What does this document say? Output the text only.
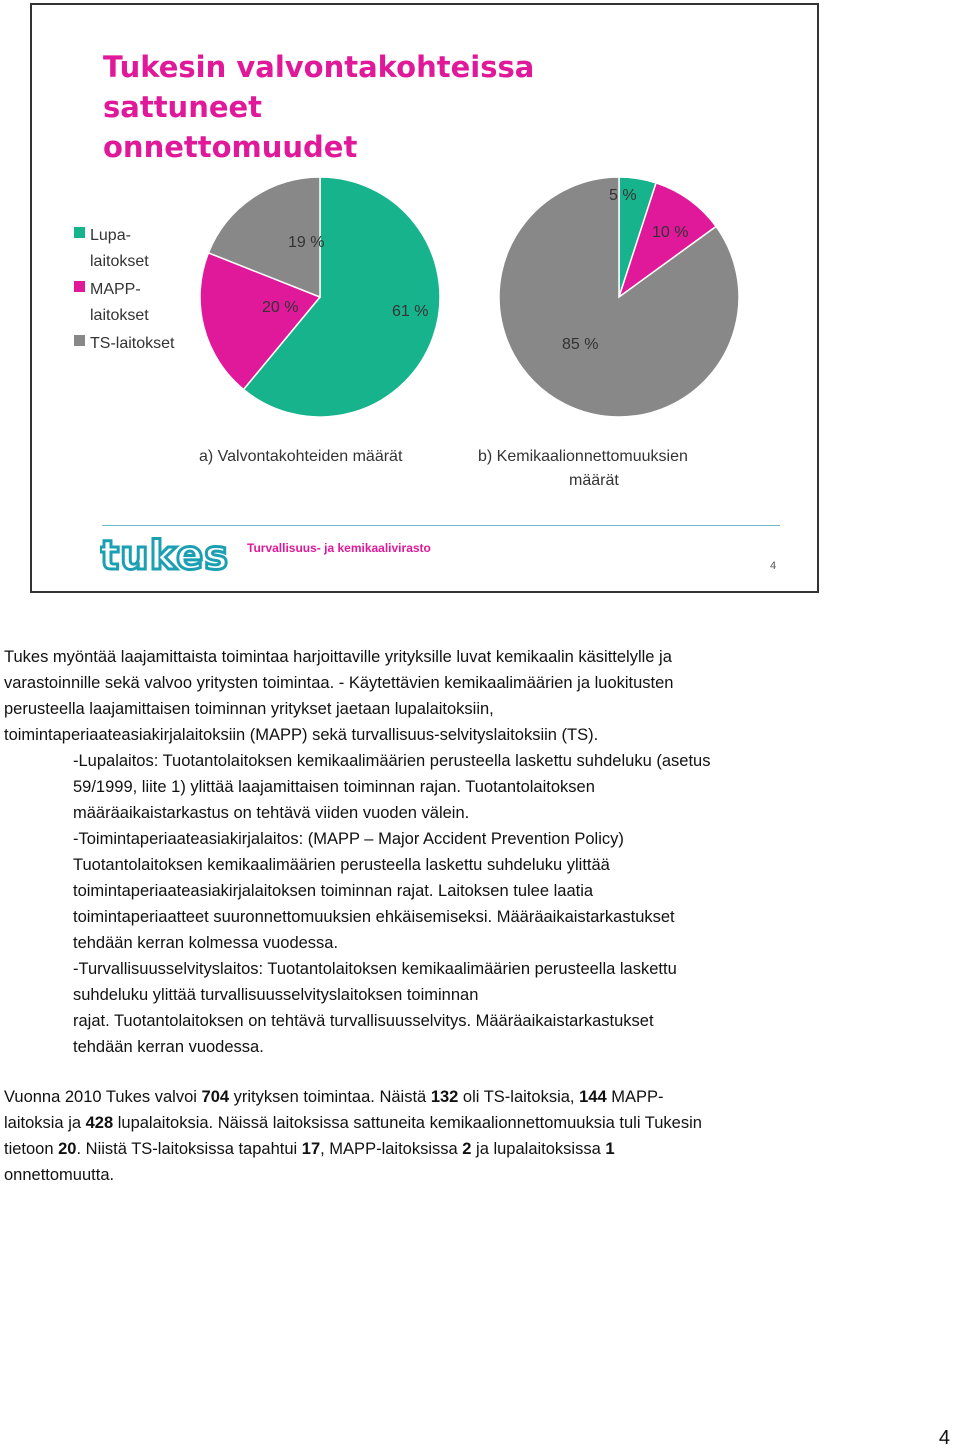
Tukesin valvontakohteissa sattuneet
onnettomuudet
Lupa-
laitokset
MAPP-
laitokset
TS-laitokset
61 %
20 %
19 %
5 %
10 %
85 %
a) Valvontakohteiden määrät	b) Kemikaalionnettomuuksien
määrät
tukes Turvallisuus- ja kemikaalivirasto
4

Tukes myöntää laajamittaista toimintaa harjoittaville yrityksille luvat kemikaalin käsittelylle ja

varastoinnille sekä valvoo yritysten toimintaa. - Käytettävien kemikaalimäärien ja luokitusten

perusteella laajamittaisen toiminnan yritykset jaetaan lupalaitoksiin,

toimintaperiaateasiakirjalaitoksiin (MAPP) sekä turvallisuus-selvityslaitoksiin (TS).

-Lupalaitos: Tuotantolaitoksen kemikaalimäärien perusteella laskettu suhdeluku (asetus

59/1999, liite 1) ylittää laajamittaisen toiminnan rajan. Tuotantolaitoksen

määräaikaistarkastus on tehtävä viiden vuoden välein.

-Toimintaperiaateasiakirjalaitos: (MAPP – Major Accident Prevention Policy)

Tuotantolaitoksen kemikaalimäärien perusteella laskettu suhdeluku ylittää

toimintaperiaateasiakirjalaitoksen toiminnan rajat. Laitoksen tulee laatia

toimintaperiaatteet suuronnettomuuksien ehkäisemiseksi. Määräaikaistarkastukset

tehdään kerran kolmessa vuodessa.

-Turvallisuusselvityslaitos: Tuotantolaitoksen kemikaalimäärien perusteella laskettu

suhdeluku ylittää turvallisuusselvityslaitoksen toiminnan

rajat. Tuotantolaitoksen on tehtävä turvallisuusselvitys. Määräaikaistarkastukset

tehdään kerran vuodessa.

Vuonna 2010 Tukes valvoi 704 yrityksen toimintaa. Näistä 132 oli TS-laitoksia, 144 MAPP-

laitoksia ja 428 lupalaitoksia. Näissä laitoksissa sattuneita kemikaalionnettomuuksia tuli Tukesin

tietoon 20. Niistä TS-laitoksissa tapahtui 17, MAPP-laitoksissa 2 ja lupalaitoksissa 1

onnettomuutta.

4
